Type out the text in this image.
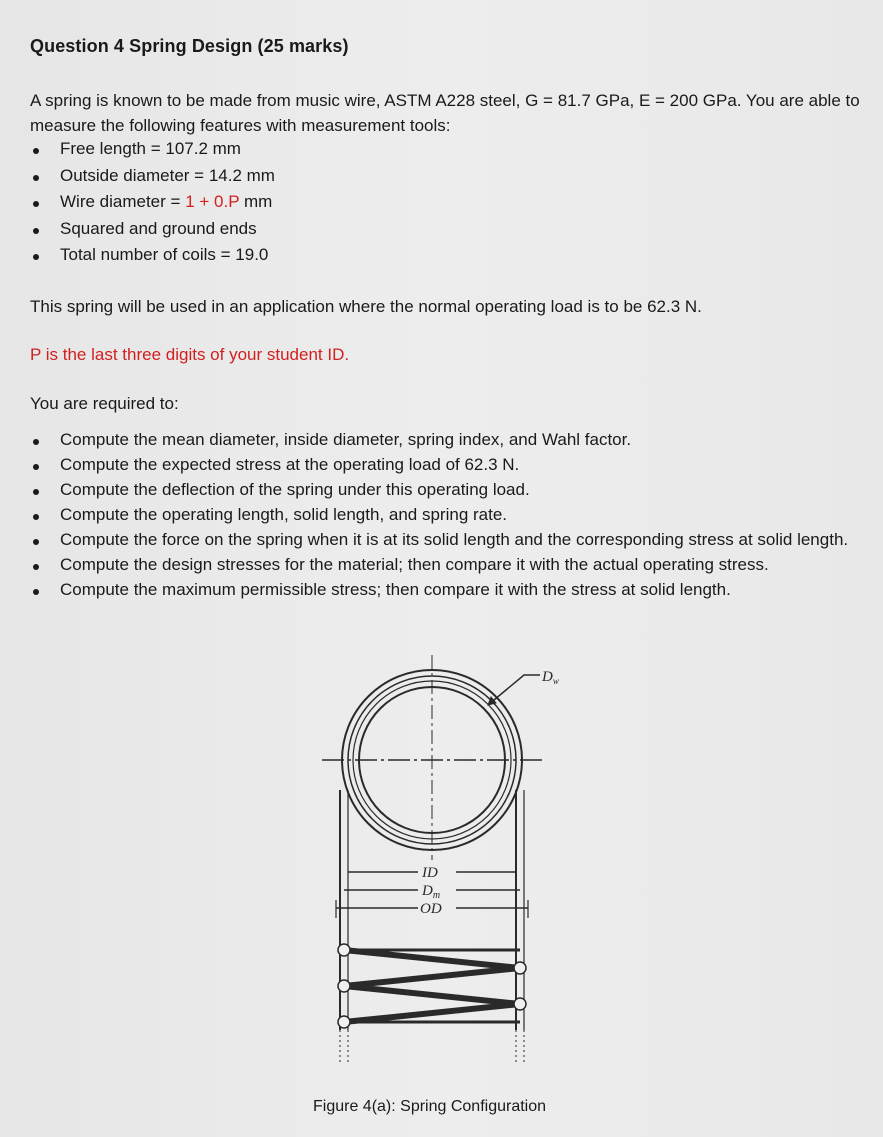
Question 4 Spring Design (25 marks)
A spring is known to be made from music wire, ASTM A228 steel, G = 81.7 GPa, E = 200 GPa. You are able to measure the following features with measurement tools:
Free length = 107.2 mm
Outside diameter = 14.2 mm
Wire diameter = 1 + 0.P mm
Squared and ground ends
Total number of coils = 19.0
This spring will be used in an application where the normal operating load is to be 62.3 N.
P is the last three digits of your student ID.
You are required to:
Compute the mean diameter, inside diameter, spring index, and Wahl factor.
Compute the expected stress at the operating load of 62.3 N.
Compute the deflection of the spring under this operating load.
Compute the operating length, solid length, and spring rate.
Compute the force on the spring when it is at its solid length and the corresponding stress at solid length.
Compute the design stresses for the material; then compare it with the actual operating stress.
Compute the maximum permissible stress; then compare it with the stress at solid length.
$D_w$
ID
$D_m$
OD
Figure 4(a): Spring Configuration
